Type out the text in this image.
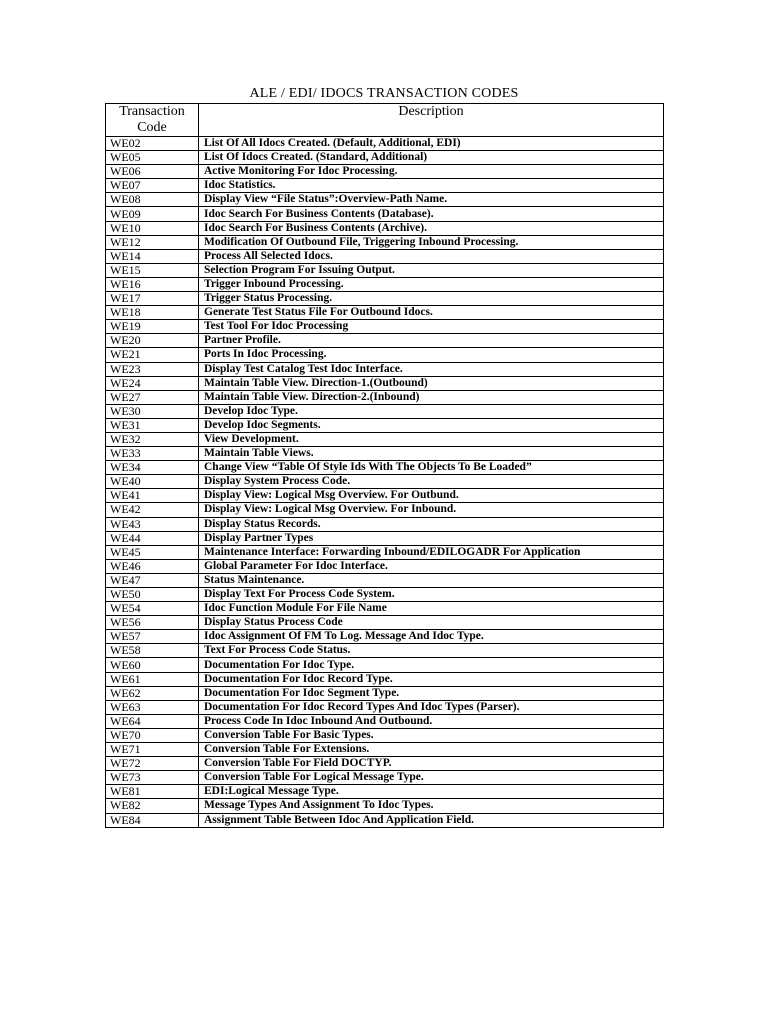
ALE / EDI/ IDOCS TRANSACTION CODES
Transaction Code	Description
WE02	List Of All Idocs Created. (Default, Additional, EDI)
WE05	List Of Idocs Created. (Standard, Additional)
WE06	Active Monitoring For Idoc Processing.
WE07	Idoc Statistics.
WE08	Display View “File Status”:Overview-Path Name.
WE09	Idoc Search For Business Contents (Database).
WE10	Idoc Search For Business Contents (Archive).
WE12	Modification Of Outbound File, Triggering Inbound Processing.
WE14	Process All Selected Idocs.
WE15	Selection Program For Issuing Output.
WE16	Trigger Inbound Processing.
WE17	Trigger Status Processing.
WE18	Generate Test Status File For Outbound Idocs.
WE19	Test Tool For Idoc Processing
WE20	Partner Profile.
WE21	Ports In Idoc Processing.
WE23	Display Test Catalog Test Idoc Interface.
WE24	Maintain Table View. Direction-1.(Outbound)
WE27	Maintain Table View. Direction-2.(Inbound)
WE30	Develop Idoc Type.
WE31	Develop Idoc Segments.
WE32	View Development.
WE33	Maintain Table Views.
WE34	Change View “Table Of Style Ids With The Objects To Be Loaded”
WE40	Display System Process Code.
WE41	Display View: Logical Msg Overview. For Outbund.
WE42	Display View: Logical Msg Overview. For Inbound.
WE43	Display Status Records.
WE44	Display Partner Types
WE45	Maintenance Interface: Forwarding Inbound/EDILOGADR For Application
WE46	Global Parameter For Idoc Interface.
WE47	Status Maintenance.
WE50	Display Text For Process Code System.
WE54	Idoc Function Module For File Name
WE56	Display Status Process Code
WE57	Idoc Assignment Of FM To Log. Message And Idoc Type.
WE58	Text For Process Code Status.
WE60	Documentation For Idoc Type.
WE61	Documentation For Idoc Record Type.
WE62	Documentation For Idoc Segment Type.
WE63	Documentation For Idoc Record Types And Idoc Types (Parser).
WE64	Process Code In Idoc Inbound And Outbound.
WE70	Conversion Table For Basic Types.
WE71	Conversion Table For Extensions.
WE72	Conversion Table For Field DOCTYP.
WE73	Conversion Table For Logical Message Type.
WE81	EDI:Logical Message Type.
WE82	Message Types And Assignment To Idoc Types.
WE84	Assignment Table Between Idoc And Application Field.
